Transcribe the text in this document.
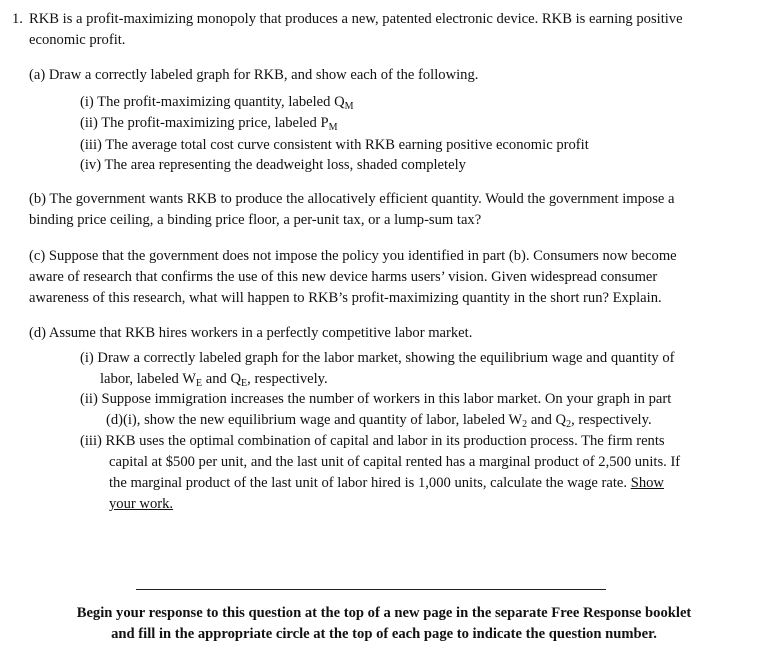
1. RKB is a profit-maximizing monopoly that produces a new, patented electronic device. RKB is earning positive
economic profit.
(a) Draw a correctly labeled graph for RKB, and show each of the following.
(i) The profit-maximizing quantity, labeled $Q_M$
(ii) The profit-maximizing price, labeled $P_M$
(iii) The average total cost curve consistent with RKB earning positive economic profit
(iv) The area representing the deadweight loss, shaded completely
(b) The government wants RKB to produce the allocatively efficient quantity. Would the government impose a
binding price ceiling, a binding price floor, a per-unit tax, or a lump-sum tax?
(c) Suppose that the government does not impose the policy you identified in part (b). Consumers now become
aware of research that confirms the use of this new device harms users’ vision. Given widespread consumer
awareness of this research, what will happen to RKB’s profit-maximizing quantity in the short run? Explain.
(d) Assume that RKB hires workers in a perfectly competitive labor market.
(i) Draw a correctly labeled graph for the labor market, showing the equilibrium wage and quantity of
labor, labeled $W_E$ and $Q_E$, respectively.
(ii) Suppose immigration increases the number of workers in this labor market. On your graph in part
(d)(i), show the new equilibrium wage and quantity of labor, labeled $W_2$ and $Q_2$, respectively.
(iii) RKB uses the optimal combination of capital and labor in its production process. The firm rents
capital at $500 per unit, and the last unit of capital rented has a marginal product of 2,500 units. If
the marginal product of the last unit of labor hired is 1,000 units, calculate the wage rate. Show
your work.
Begin your response to this question at the top of a new page in the separate Free Response booklet
and fill in the appropriate circle at the top of each page to indicate the question number.
